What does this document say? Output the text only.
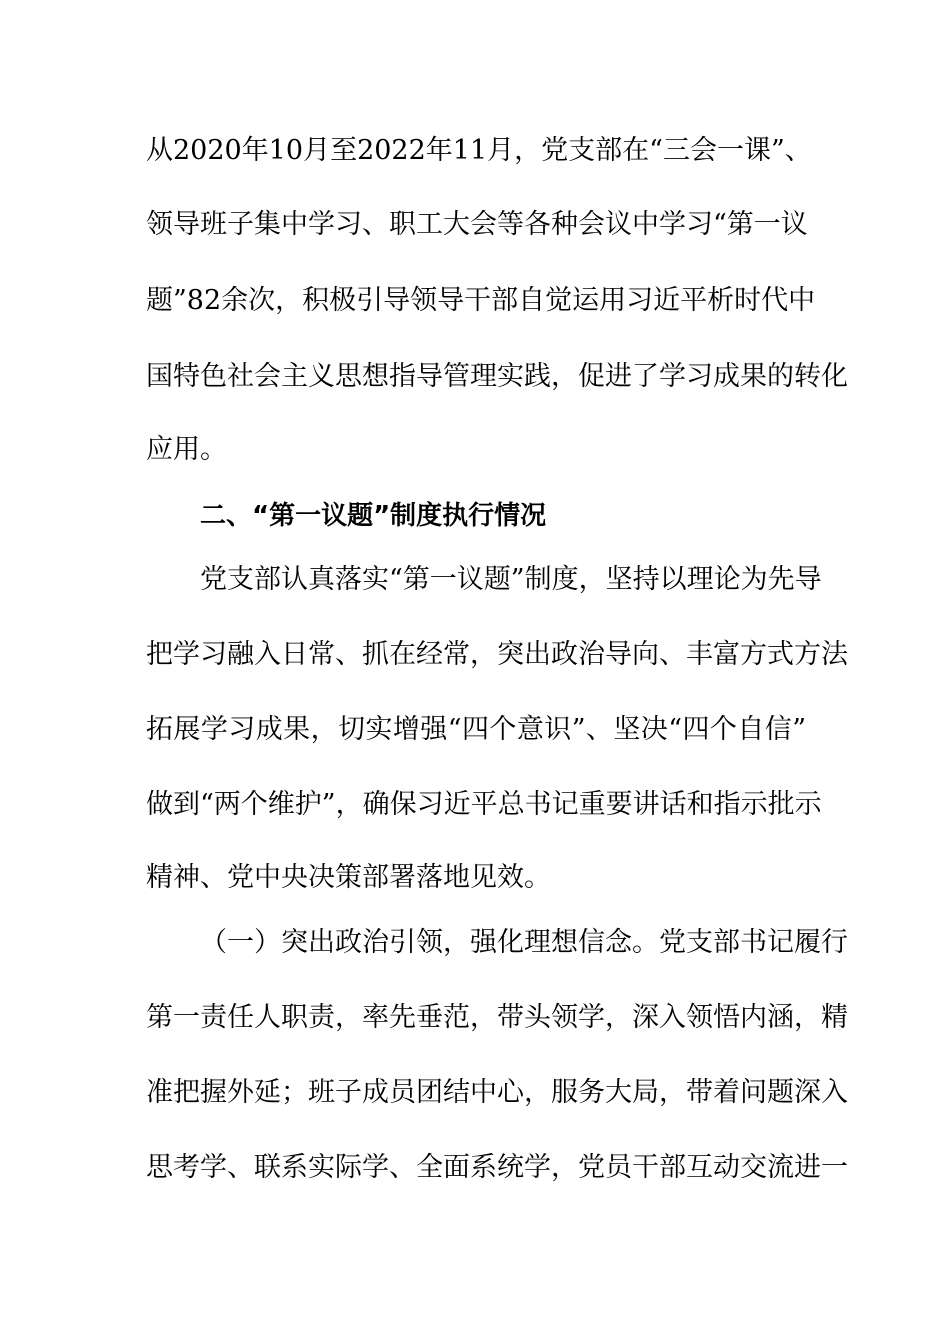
从2020年10月至2022年11月，党支部在“三会一课”、
领导班子集中学习、职工大会等各种会议中学习“第一议
题”82余次，积极引导领导干部自觉运用习近平析时代中
国特色社会主义思想指导管理实践，促进了学习成果的转化
应用。
二、“第一议题”制度执行情况
党支部认真落实“第一议题”制度，坚持以理论为先导
把学习融入日常、抓在经常，突出政治导向、丰富方式方法
拓展学习成果，切实增强“四个意识”、坚决“四个自信”
做到“两个维护”，确保习近平总书记重要讲话和指示批示
精神、党中央决策部署落地见效。
（一）突出政治引领，强化理想信念。党支部书记履行
第一责任人职责，率先垂范，带头领学，深入领悟内涵，精
准把握外延；班子成员团结中心，服务大局，带着问题深入
思考学、联系实际学、全面系统学，党员干部互动交流进一
